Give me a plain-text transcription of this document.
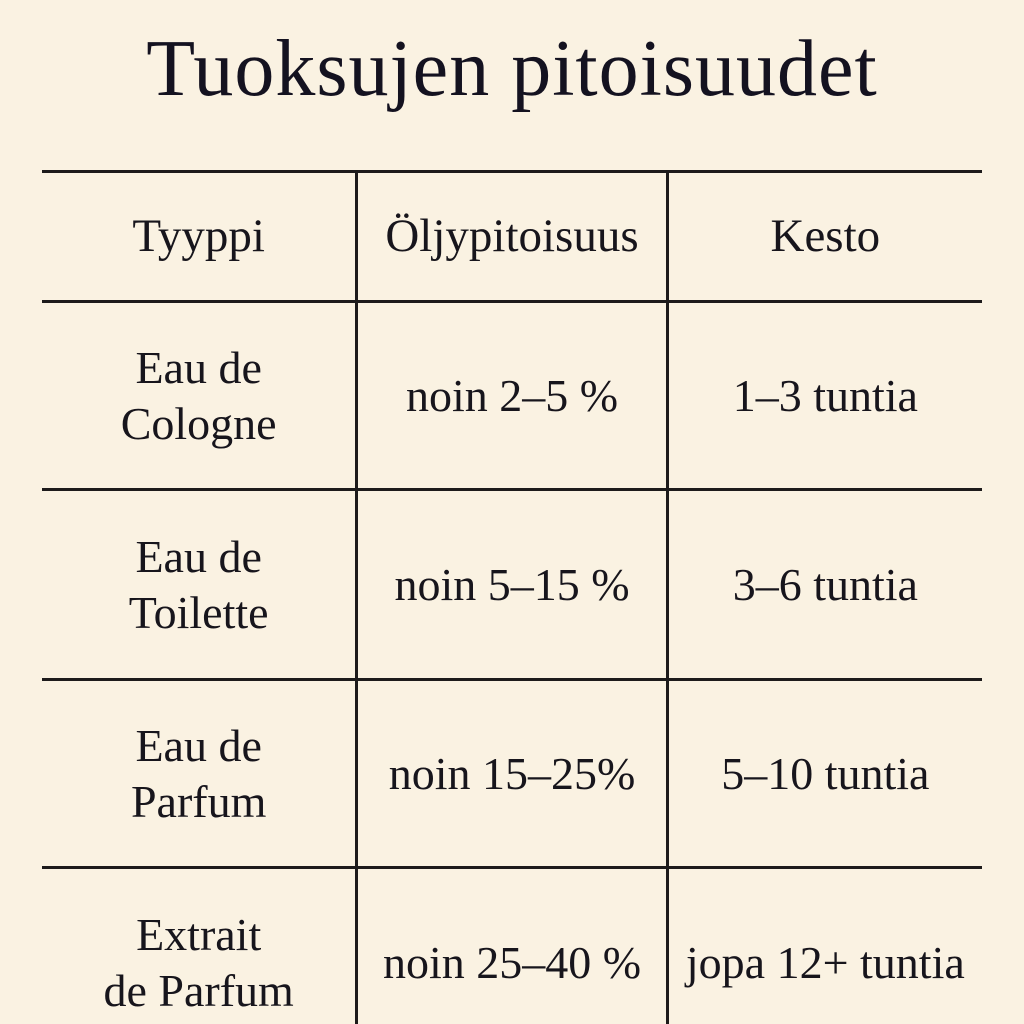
Tuoksujen pitoisuudet
Tyyppi	Öljypitoisuus	Kesto
Eau de
Cologne
noin 2–5 % 1–3 tuntia
Eau de
Toilette
noin 5–15 % 3–6 tuntia
Eau de
Parfum
noin 15–25% 5–10 tuntia
Extrait
de Parfum
noin 25–40 % jopa 12+ tuntia
